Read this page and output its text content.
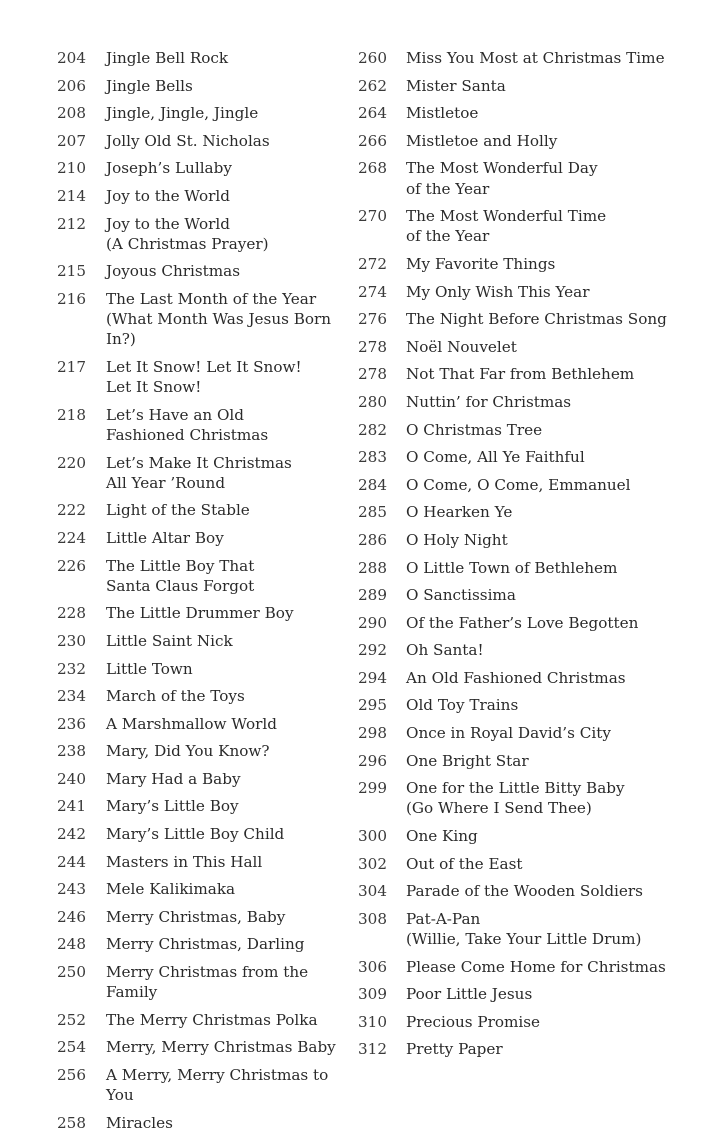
204 Jingle Bell Rock
206 Jingle Bells
208 Jingle, Jingle, Jingle
207 Jolly Old St. Nicholas
210 Joseph’s Lullaby
214 Joy to the World
212 Joy to the World
(A Christmas Prayer)
215 Joyous Christmas
216 The Last Month of the Year
(What Month Was Jesus Born In?)
217 Let It Snow! Let It Snow!
Let It Snow!
218 Let’s Have an Old
Fashioned Christmas
220 Let’s Make It Christmas
All Year ’Round
222 Light of the Stable
224 Little Altar Boy
226 The Little Boy That
Santa Claus Forgot
228 The Little Drummer Boy
230 Little Saint Nick
232 Little Town
234 March of the Toys
236 A Marshmallow World
238 Mary, Did You Know?
240 Mary Had a Baby
241 Mary’s Little Boy
242 Mary’s Little Boy Child
244 Masters in This Hall
243 Mele Kalikimaka
246 Merry Christmas, Baby
248 Merry Christmas, Darling
250 Merry Christmas from the Family
252 The Merry Christmas Polka
254 Merry, Merry Christmas Baby
256 A Merry, Merry Christmas to You
258 Miracles
260 Miss You Most at Christmas Time
262 Mister Santa
264 Mistletoe
266 Mistletoe and Holly
268 The Most Wonderful Day
of the Year
270 The Most Wonderful Time
of the Year
272 My Favorite Things
274 My Only Wish This Year
276 The Night Before Christmas Song
278 Noël Nouvelet
278 Not That Far from Bethlehem
280 Nuttin’ for Christmas
282 O Christmas Tree
283 O Come, All Ye Faithful
284 O Come, O Come, Emmanuel
285 O Hearken Ye
286 O Holy Night
288 O Little Town of Bethlehem
289 O Sanctissima
290 Of the Father’s Love Begotten
292 Oh Santa!
294 An Old Fashioned Christmas
295 Old Toy Trains
298 Once in Royal David’s City
296 One Bright Star
299 One for the Little Bitty Baby
(Go Where I Send Thee)
300 One King
302 Out of the East
304 Parade of the Wooden Soldiers
308 Pat-A-Pan
(Willie, Take Your Little Drum)
306 Please Come Home for Christmas
309 Poor Little Jesus
310 Precious Promise
312 Pretty Paper
